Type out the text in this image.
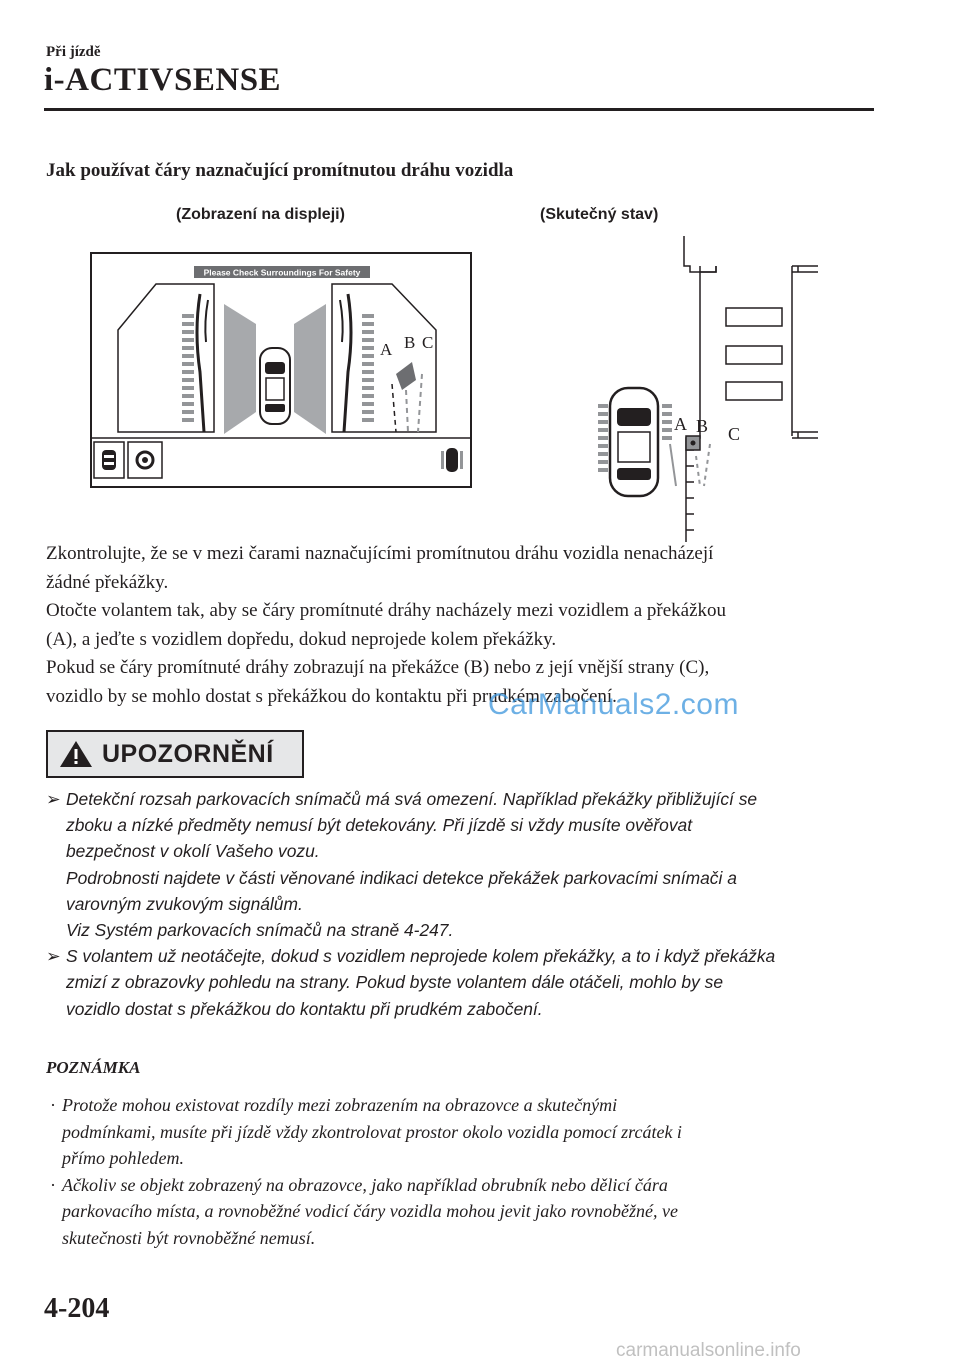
Při jízdě
i-ACTIVSENSE
Jak používat čáry naznačující promítnutou dráhu vozidla
(Zobrazení na displeji)	(Skutečný stav)
Please Check Surroundings For Safety
A B C
A B C

Zkontrolujte, že se v mezi čarami naznačujícími promítnutou dráhu vozidla nenacházejí

žádné překážky.

Otočte volantem tak, aby se čáry promítnuté dráhy nacházely mezi vozidlem a překážkou

(A), a jeďte s vozidlem dopředu, dokud neprojede kolem překážky.

Pokud se čáry promítnuté dráhy zobrazují na překážce (B) nebo z její vnější strany (C),

vozidlo by se mohlo dostat s překážkou do kontaktu při prudkém zabočení.

UPOZORNĚNÍ
➢ Detekční rozsah parkovacích snímačů má svá omezení. Například překážky přibližující se
zboku a nízké předměty nemusí být detekovány. Při jízdě si vždy musíte ověřovat
bezpečnost v okolí Vašeho vozu.
Podrobnosti najdete v části věnované indikaci detekce překážek parkovacími snímači a
varovným zvukovým signálům.
Viz Systém parkovacích snímačů na straně 4-247.
➢ S volantem už neotáčejte, dokud s vozidlem neprojede kolem překážky, a to i když překážka
zmizí z obrazovky pohledu na strany. Pokud byste volantem dále otáčeli, mohlo by se
vozidlo dostat s překážkou do kontaktu při prudkém zabočení.
POZNÁMKA
· Protože mohou existovat rozdíly mezi zobrazením na obrazovce a skutečnými
podmínkami, musíte při jízdě vždy zkontrolovat prostor okolo vozidla pomocí zrcátek i
přímo pohledem.
· Ačkoliv se objekt zobrazený na obrazovce, jako například obrubník nebo dělicí čára
parkovacího místa, a rovnoběžné vodicí čáry vozidla mohou jevit jako rovnoběžné, ve
skutečnosti být rovnoběžné nemusí.
4-204
CarManuals2.com
carmanualsonline.info
